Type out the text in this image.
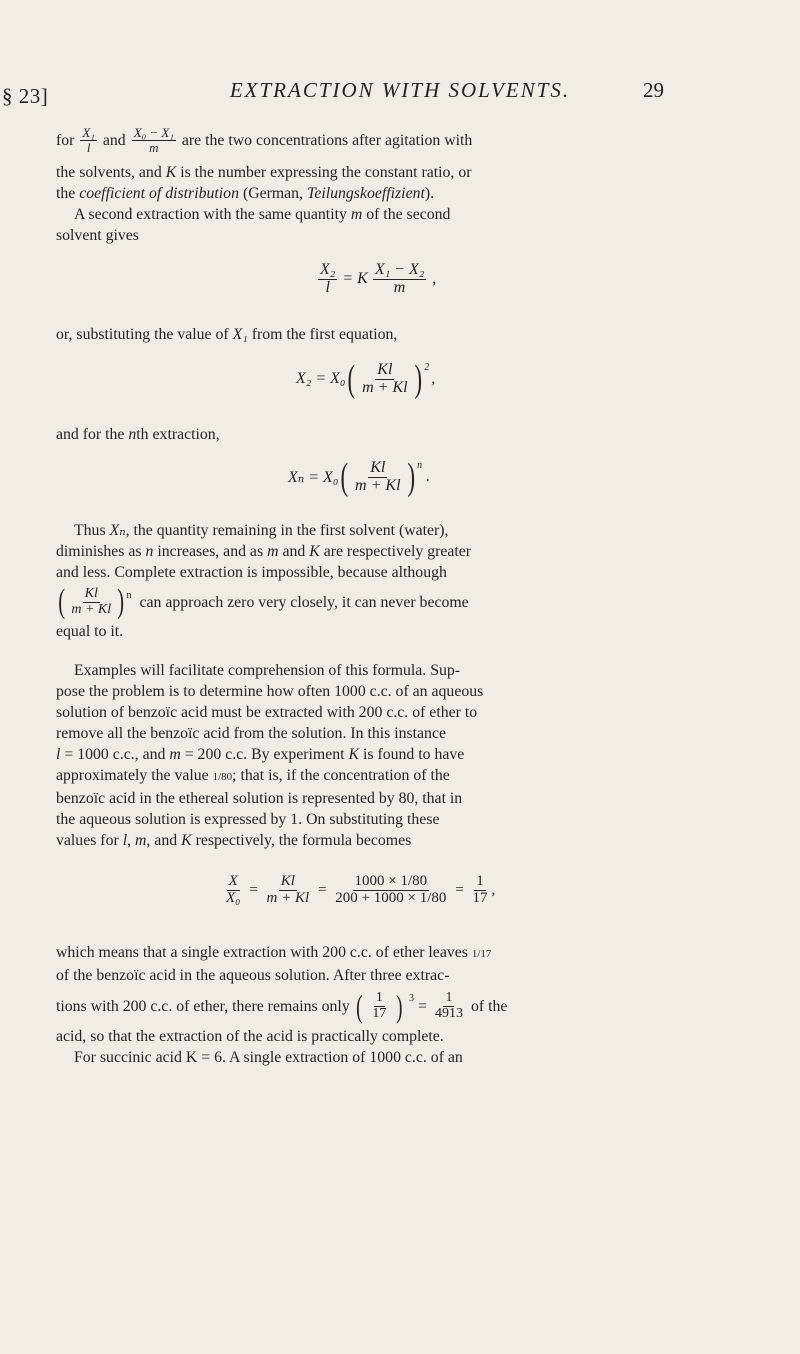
§ 23]	EXTRACTION WITH SOLVENTS.	29
for $\frac{\text{X₁}}{l}$ and $\frac{\text{X₀ − X₁}}{m}$ are the two concentrations after agitation with
the solvents, and K is the number expressing the constant ratio, or
the coefficient of distribution (German, Teilungskoeffizient).
A second extraction with the same quantity m of the second
solvent gives
$\frac{\text{X₂}}{l} = K \frac{\text{X₁ − X₂}}{m}$ ,
or, substituting the value of X₁ from the first equation,
X₂ = X₀ ( $\frac{Kl}{m + Kl}$ ) $^2$
,
and for the nth extraction,
Xₙ = X₀ ( $\frac{Kl}{m + Kl}$ ) $^n$
.
Thus Xₙ, the quantity remaining in the first solvent (water),
diminishes as n increases, and as m and K are respectively greater
and less. Complete extraction is impossible, because although
( $\frac{Kl}{m + Kl} )^n$ can approach zero very closely, it can never become
equal to it.
Examples will facilitate comprehension of this formula. Sup-
pose the problem is to determine how often 1000 c.c. of an aqueous
solution of benzoïc acid must be extracted with 200 c.c. of ether to
remove all the benzoïc acid from the solution. In this instance
l = 1000 c.c., and m = 200 c.c. By experiment K is found to have
approximately the value 1/80; that is, if the concentration of the
benzoïc acid in the ethereal solution is represented by 80, that in
the aqueous solution is expressed by 1. On substituting these
values for l, m, and K respectively, the formula becomes
$\frac{X}{\text{X₀}} = \frac{Kl}{m + Kl} = \frac{1000 \times 1/80}{200 + 1000 \times 1/80} = \frac{1}{17}$ ,
which means that a single extraction with 200 c.c. of ether leaves 1/17
of the benzoïc acid in the aqueous solution. After three extrac-
tions with 200 c.c. of ether, there remains only ( $\frac{1}{17}$ ) $^3 = \frac{1}{4913}$ of the
acid, so that the extraction of the acid is practically complete.
For succinic acid K = 6. A single extraction of 1000 c.c. of an
